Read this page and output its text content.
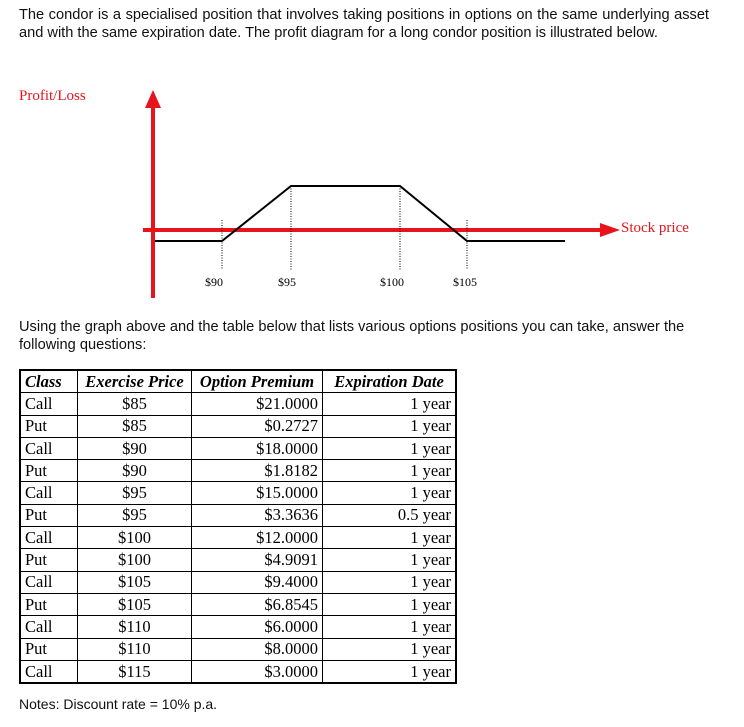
The condor is a specialised position that involves taking positions in options on the same underlying asset and with the same expiration date. The profit diagram for a long condor position is illustrated below.
Profit/Loss
Stock price
$90	$95	$100	$105
Using the graph above and the table below that lists various options positions you can take, answer the following questions:
Class	Exercise Price	Option Premium	Expiration Date
Call	$85	$21.0000	1 year
Put	$85	$0.2727	1 year
Call	$90	$18.0000	1 year
Put	$90	$1.8182	1 year
Call	$95	$15.0000	1 year
Put	$95	$3.3636	0.5 year
Call	$100	$12.0000	1 year
Put	$100	$4.9091	1 year
Call	$105	$9.4000	1 year
Put	$105	$6.8545	1 year
Call	$110	$6.0000	1 year
Put	$110	$8.0000	1 year
Call	$115	$3.0000	1 year
Notes: Discount rate = 10% p.a.
